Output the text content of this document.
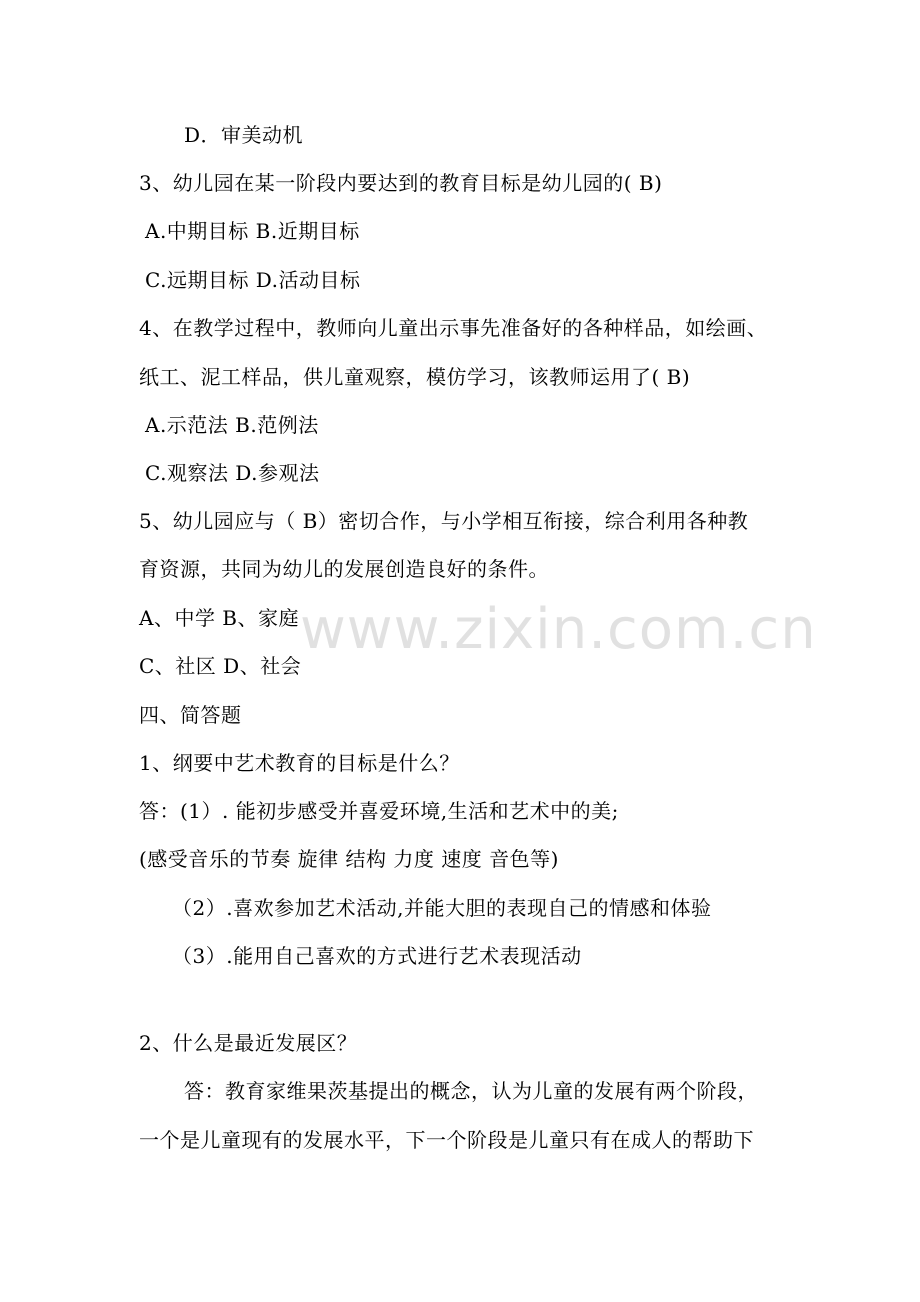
D．审美动机
3、幼儿园在某一阶段内要达到的教育目标是幼儿园的( B)
A.中期目标 B.近期目标
C.远期目标 D.活动目标
4、在教学过程中，教师向儿童出示事先准备好的各种样品，如绘画、
纸工、泥工样品，供儿童观察，模仿学习，该教师运用了( B)
A.示范法 B.范例法
C.观察法 D.参观法
5、幼儿园应与（ B）密切合作，与小学相互衔接，综合利用各种教
育资源，共同为幼儿的发展创造良好的条件。
A、中学 B、家庭
C、社区 D、社会
四、简答题
1、纲要中艺术教育的目标是什么？
答：(1）. 能初步感受并喜爱环境,生活和艺术中的美;
(感受音乐的节奏 旋律 结构 力度 速度 音色等)
（2）.喜欢参加艺术活动,并能大胆的表现自己的情感和体验
（3）.能用自己喜欢的方式进行艺术表现活动
2、什么是最近发展区？
答：教育家维果茨基提出的概念，认为儿童的发展有两个阶段，
一个是儿童现有的发展水平，下一个阶段是儿童只有在成人的帮助下
www.zixin.com.cn
